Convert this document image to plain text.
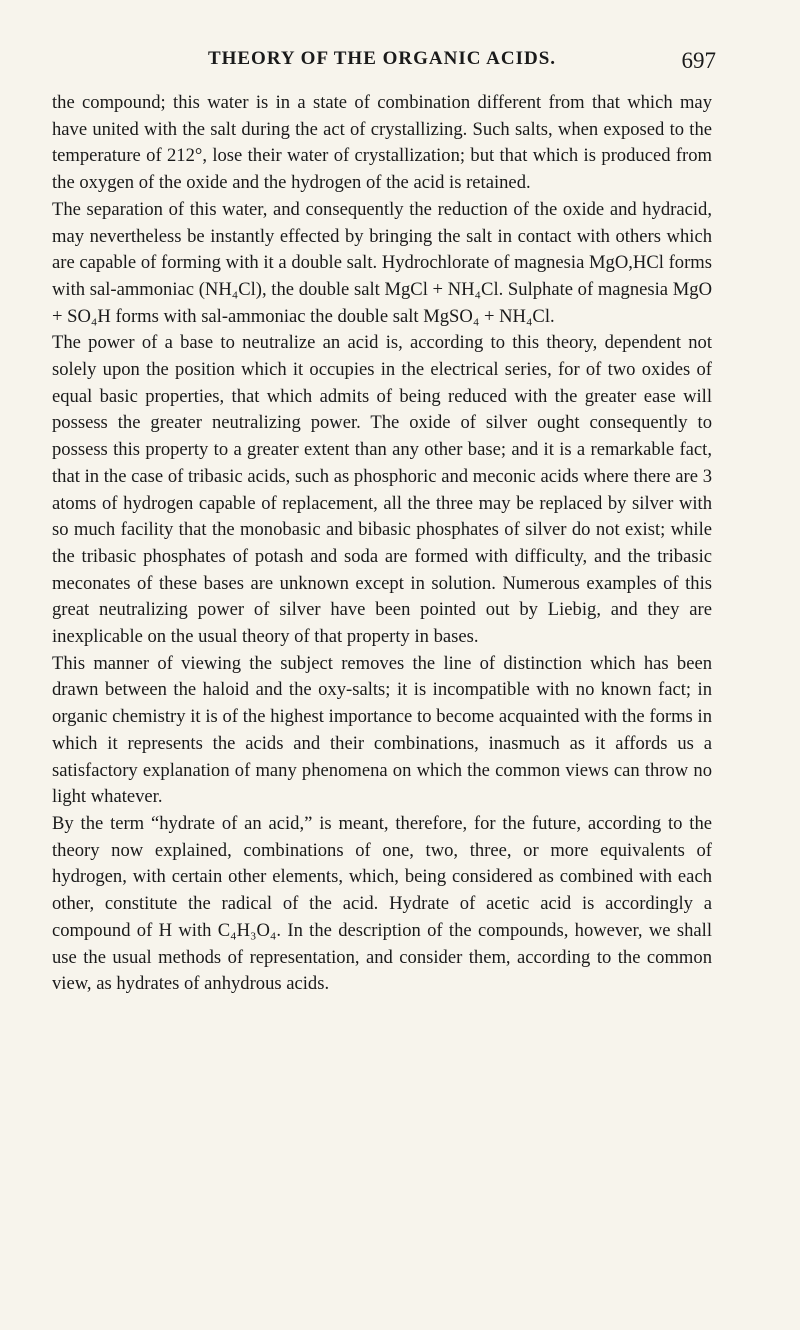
THEORY OF THE ORGANIC ACIDS.	697

the compound; this water is in a state of combination different from that which may have united with the salt during the act of crystallizing. Such salts, when exposed to the temperature of 212°, lose their water of crystallization; but that which is produced from the oxygen of the oxide and the hydrogen of the acid is retained.

The separation of this water, and consequently the reduction of the oxide and hydracid, may nevertheless be instantly effected by bringing the salt in contact with others which are capable of forming with it a double salt. Hydrochlorate of magnesia MgO,HCl forms with sal-ammoniac (NH₄Cl), the double salt MgCl + NH₄Cl. Sulphate of magnesia MgO + SO₄H forms with sal-ammoniac the double salt MgSO₄ + NH₄Cl.

The power of a base to neutralize an acid is, according to this theory, dependent not solely upon the position which it occupies in the electrical series, for of two oxides of equal basic properties, that which admits of being reduced with the greater ease will possess the greater neutralizing power. The oxide of silver ought consequently to possess this property to a greater extent than any other base; and it is a remarkable fact, that in the case of tribasic acids, such as phosphoric and meconic acids where there are 3 atoms of hydrogen capable of replacement, all the three may be replaced by silver with so much facility that the monobasic and bibasic phosphates of silver do not exist; while the tribasic phosphates of potash and soda are formed with difficulty, and the tribasic meconates of these bases are unknown except in solution. Numerous examples of this great neutralizing power of silver have been pointed out by Liebig, and they are inexplicable on the usual theory of that property in bases.

This manner of viewing the subject removes the line of distinction which has been drawn between the haloid and the oxy-salts; it is incompatible with no known fact; in organic chemistry it is of the highest importance to become acquainted with the forms in which it represents the acids and their combinations, inasmuch as it affords us a satisfactory explanation of many phenomena on which the common views can throw no light whatever.

By the term “hydrate of an acid,” is meant, therefore, for the future, according to the theory now explained, combinations of one, two, three, or more equivalents of hydrogen, with certain other elements, which, being considered as combined with each other, constitute the radical of the acid. Hydrate of acetic acid is accordingly a compound of H with C₄H₃O₄. In the description of the compounds, however, we shall use the usual methods of representation, and consider them, according to the common view, as hydrates of anhydrous acids.
